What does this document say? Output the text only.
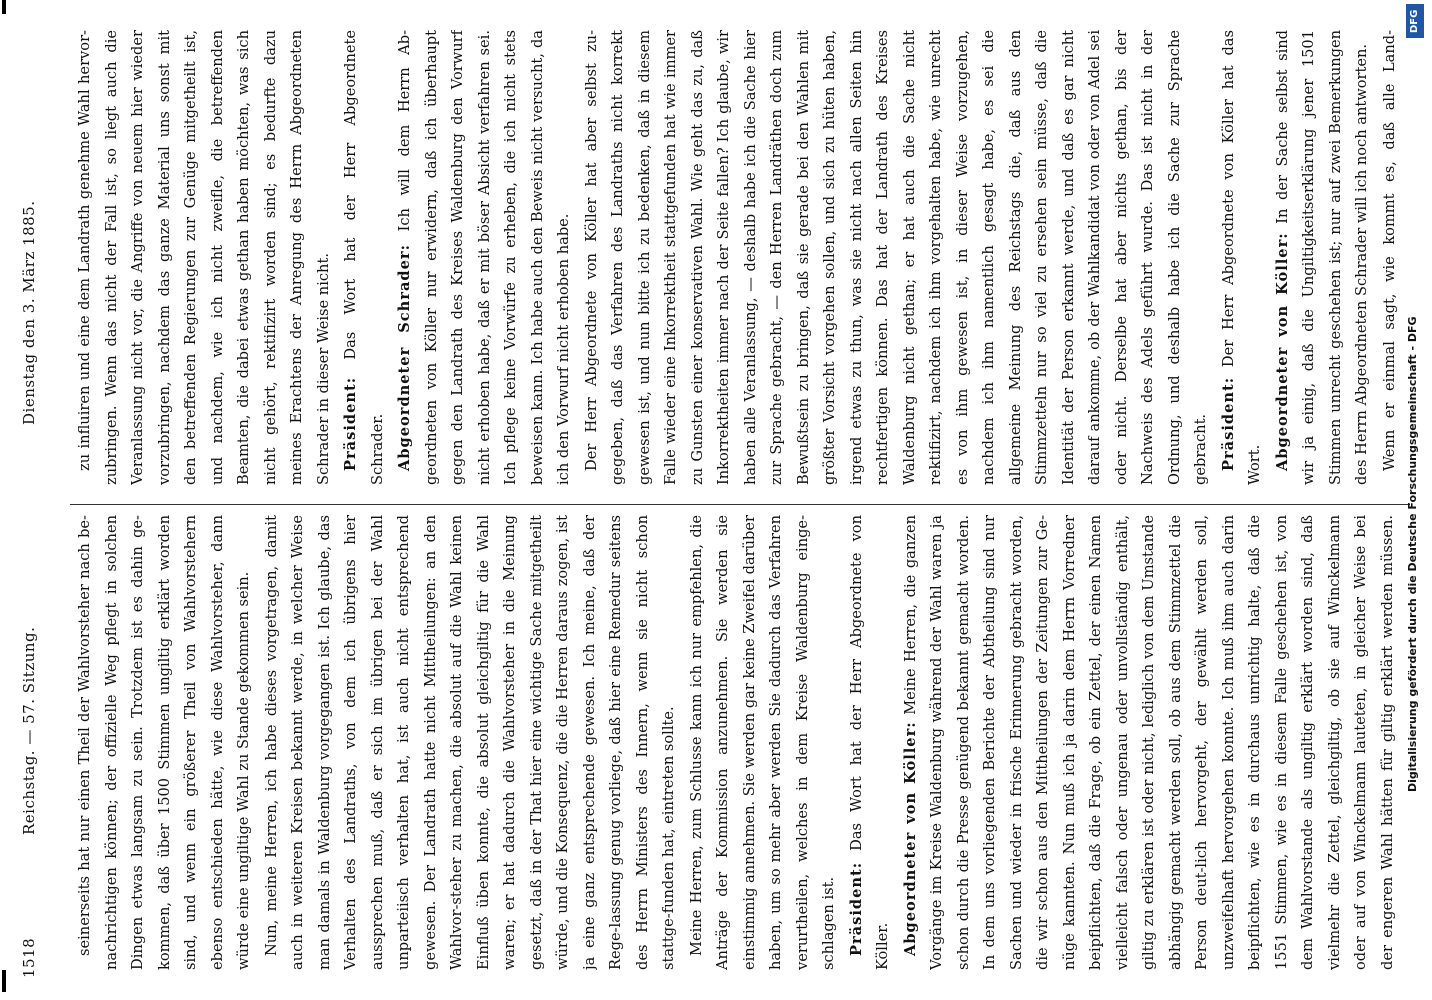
1518
Reichstag. — 57. Sitzung.
Dienstag den 3. März 1885.

seinerseits hat nur einen Theil der Wahlvorsteher nach be-nachrichtigen können; der offizielle Weg pflegt in solchen Dingen etwas langsam zu sein. Trotzdem ist es dahin ge-kommen, daß über 1500 Stimmen ungiltig erklärt worden sind, und wenn ein größerer Theil von Wahlvorstehern ebenso entschieden hätte, wie diese Wahlvorsteher, dann würde eine ungiltige Wahl zu Stande gekommen sein. Nun, meine Herren, ich habe dieses vorgetragen, damit auch in weiteren Kreisen bekannt werde, in welcher Weise man damals in Waldenburg vorgegangen ist. Ich glaube, das Verhalten des Landraths, von dem ich übrigens hier aussprechen muß, daß er sich im übrigen bei der Wahl unparteiisch verhalten hat, ist auch nicht entsprechend gewesen. Der Landrath hatte nicht Mittheilungen: an den Wahlvor-steher zu machen, die absolut auf die Wahl keinen Einfluß üben konnte, die absolut gleichgiltig für die Wahl waren; er hat dadurch die Wahlvorsteher in die Meinung gesetzt, daß in der That hier eine wichtige Sache mitgetheilt würde, und die Konsequenz, die die Herren daraus zogen, ist ja eine ganz entsprechende gewesen. Ich meine, daß der Rege-lassung genug vorliege, daß hier eine Remedur seitens des Herrn Ministers des Innern, wenn sie nicht schon stattge-funden hat, eintreten sollte. Meine Herren, zum Schlusse kann ich nur empfehlen, die Anträge der Kommission anzunehmen. Sie werden sie einstimmig annehmen. Sie werden gar keine Zweifel darüber haben, um so mehr aber werden Sie dadurch das Verfahren verurtheilen, welches in dem Kreise Waldenburg einge-schlagen ist. Präsident: Das Wort hat der Herr Abgeordnete von Köller. Abgeordneter von Köller: Meine Herren, die ganzen Vorgänge im Kreise Waldenburg während der Wahl waren ja schon durch die Presse genügend bekannt gemacht worden. In dem uns vorliegenden Berichte der Abtheilung sind nur Sachen und wieder in frische Erinnerung gebracht worden, die wir schon aus den Mittheilungen der Zeitungen zur Ge-nüge kannten. Nun muß ich ja darin dem Herrn Vorredner beipflichten, daß die Frage, ob ein Zettel, der einen Namen vielleicht falsch oder ungenau oder unvollständig enthält, giltig zu erklären ist oder nicht, lediglich von dem Umstande abhängig gemacht werden soll, ob aus dem Stimmzettel die Person deut-lich hervorgeht, der gewählt werden soll, unzweifelhaft hervorgehen konnte. Ich muß ihm auch darin beipflichten, wie es in durchaus unrichtig halte, daß die 1551 Stimmen, wie es in diesem Falle geschehen ist, von dem Wahlvorstande als ungiltig erklärt worden sind, daß vielmehr die Zettel, gleichgiltig, ob sie auf Winckelmann oder auf von Winckelmann lauteten, in gleicher Weise bei der engeren Wahl hätten für giltig erklärt werden müssen.

zu influiren und eine dem Landrath genehme Wahl hervor-zubringen. Wenn das nicht der Fall ist, so liegt auch die Veranlassung nicht vor, die Angriffe von neuem hier wieder vorzubringen, nachdem das ganze Material uns sonst mit den betreffenden Regierungen zur Genüge mitgetheilt ist, und nachdem, wie ich nicht zweifle, die betreffenden Beamten, die dabei etwas gethan haben möchten, was sich nicht gehört, rektifizirt worden sind; es bedurfte dazu meines Erachtens der Anregung des Herrn Abgeordneten Schrader in dieser Weise nicht. Präsident: Das Wort hat der Herr Abgeordnete Schrader. Abgeordneter Schrader: Ich will dem Herrn Ab-geordneten von Köller nur erwidern, daß ich überhaupt gegen den Landrath des Kreises Waldenburg den Vorwurf nicht erhoben habe, daß er mit böser Absicht verfahren sei. Ich pflege keine Vorwürfe zu erheben, die ich nicht stets beweisen kann. Ich habe auch den Beweis nicht versucht, da ich den Vorwurf nicht erhoben habe. Der Herr Abgeordnete von Köller hat aber selbst zu-gegeben, daß das Verfahren des Landraths nicht korrekt gewesen ist, und nun bitte ich zu bedenken, daß in diesem Falle wieder eine Inkorrektheit stattgefunden hat wie immer zu Gunsten einer konservativen Wahl. Wie geht das zu, daß Inkorrektheiten immer nach der Seite fallen? Ich glaube, wir haben alle Veranlassung, — deshalb habe ich die Sache hier zur Sprache gebracht, — den Herren Landräthen doch zum Bewußtsein zu bringen, daß sie gerade bei den Wahlen mit größter Vorsicht vorgehen sollen, und sich zu hüten haben, irgend etwas zu thun, was sie nicht nach allen Seiten hin rechtfertigen können. Das hat der Landrath des Kreises Waldenburg nicht gethan; er hat auch die Sache nicht rektifizirt, nachdem ich ihm vorgehalten habe, wie unrecht es von ihm gewesen ist, in dieser Weise vorzugehen, nachdem ich ihm namentlich gesagt habe, es sei die allgemeine Meinung des Reichstags die, daß aus den Stimmzetteln nur so viel zu ersehen sein müsse, daß die Identität der Person erkannt werde, und daß es gar nicht darauf ankomme, ob der Wahlkandidat von oder von Adel sei oder nicht. Derselbe hat aber nichts gethan, bis der Nachweis des Adels geführt wurde. Das ist nicht in der Ordnung, und deshalb habe ich die Sache zur Sprache gebracht. Präsident: Der Herr Abgeordnete von Köller hat das Wort. Abgeordneter von Köller: In der Sache selbst sind wir ja einig, daß die Ungiltigkeitserklärung jener 1501 Stimmen unrecht geschehen ist; nur auf zwei Bemerkungen des Herrn Abgeordneten Schrader will ich noch antworten. Wenn er einmal sagt, wie kommt es, daß alle Land-	DFG
Digitalisierung gefördert durch die Deutsche Forschungsgemeinschaft - DFG
